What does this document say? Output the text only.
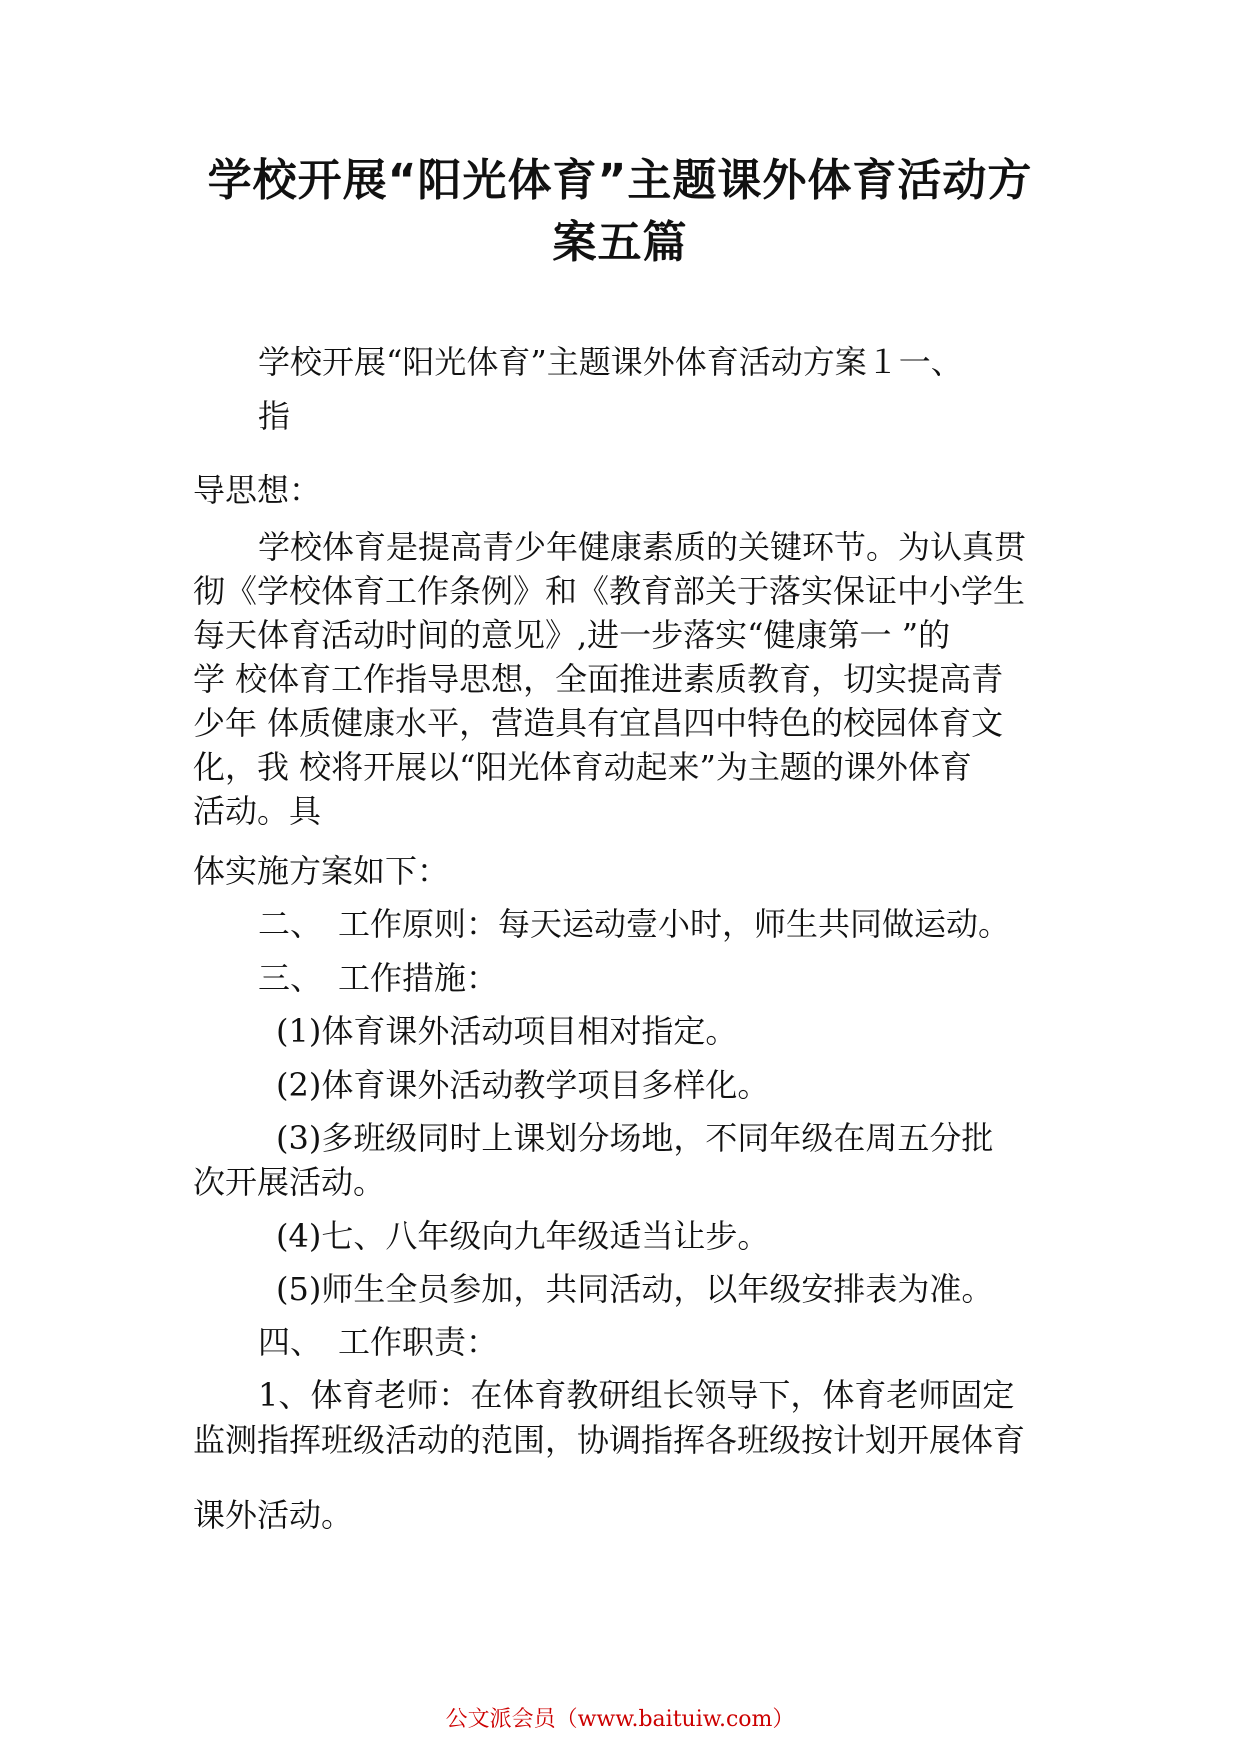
学校开展“阳光体育”主题课外体育活动方
案五篇
学校开展“阳光体育”主题课外体育活动方案１一、
指
导思想：
学校体育是提高青少年健康素质的关键环节。为认真贯
彻《学校体育工作条例》和《教育部关于落实保证中小学生
每天体育活动时间的意见》,进一步落实“健康第一 ”的
学 校体育工作指导思想，全面推进素质教育，切实提高青
少年 体质健康水平，营造具有宜昌四中特色的校园体育文
化，我 校将开展以“阳光体育动起来”为主题的课外体育
活动。具
体实施方案如下：
二、　工作原则：每天运动壹小时，师生共同做运动。
三、　工作措施：
(1)体育课外活动项目相对指定。
(2)体育课外活动教学项目多样化。
(3)多班级同时上课划分场地，不同年级在周五分批
次开展活动。
(4)七、八年级向九年级适当让步。
(5)师生全员参加，共同活动，以年级安排表为准。
四、　工作职责：
1、体育老师：在体育教研组长领导下，体育老师固定
监测指挥班级活动的范围，协调指挥各班级按计划开展体育
课外活动。
公文派会员（www.baituiw.com）
